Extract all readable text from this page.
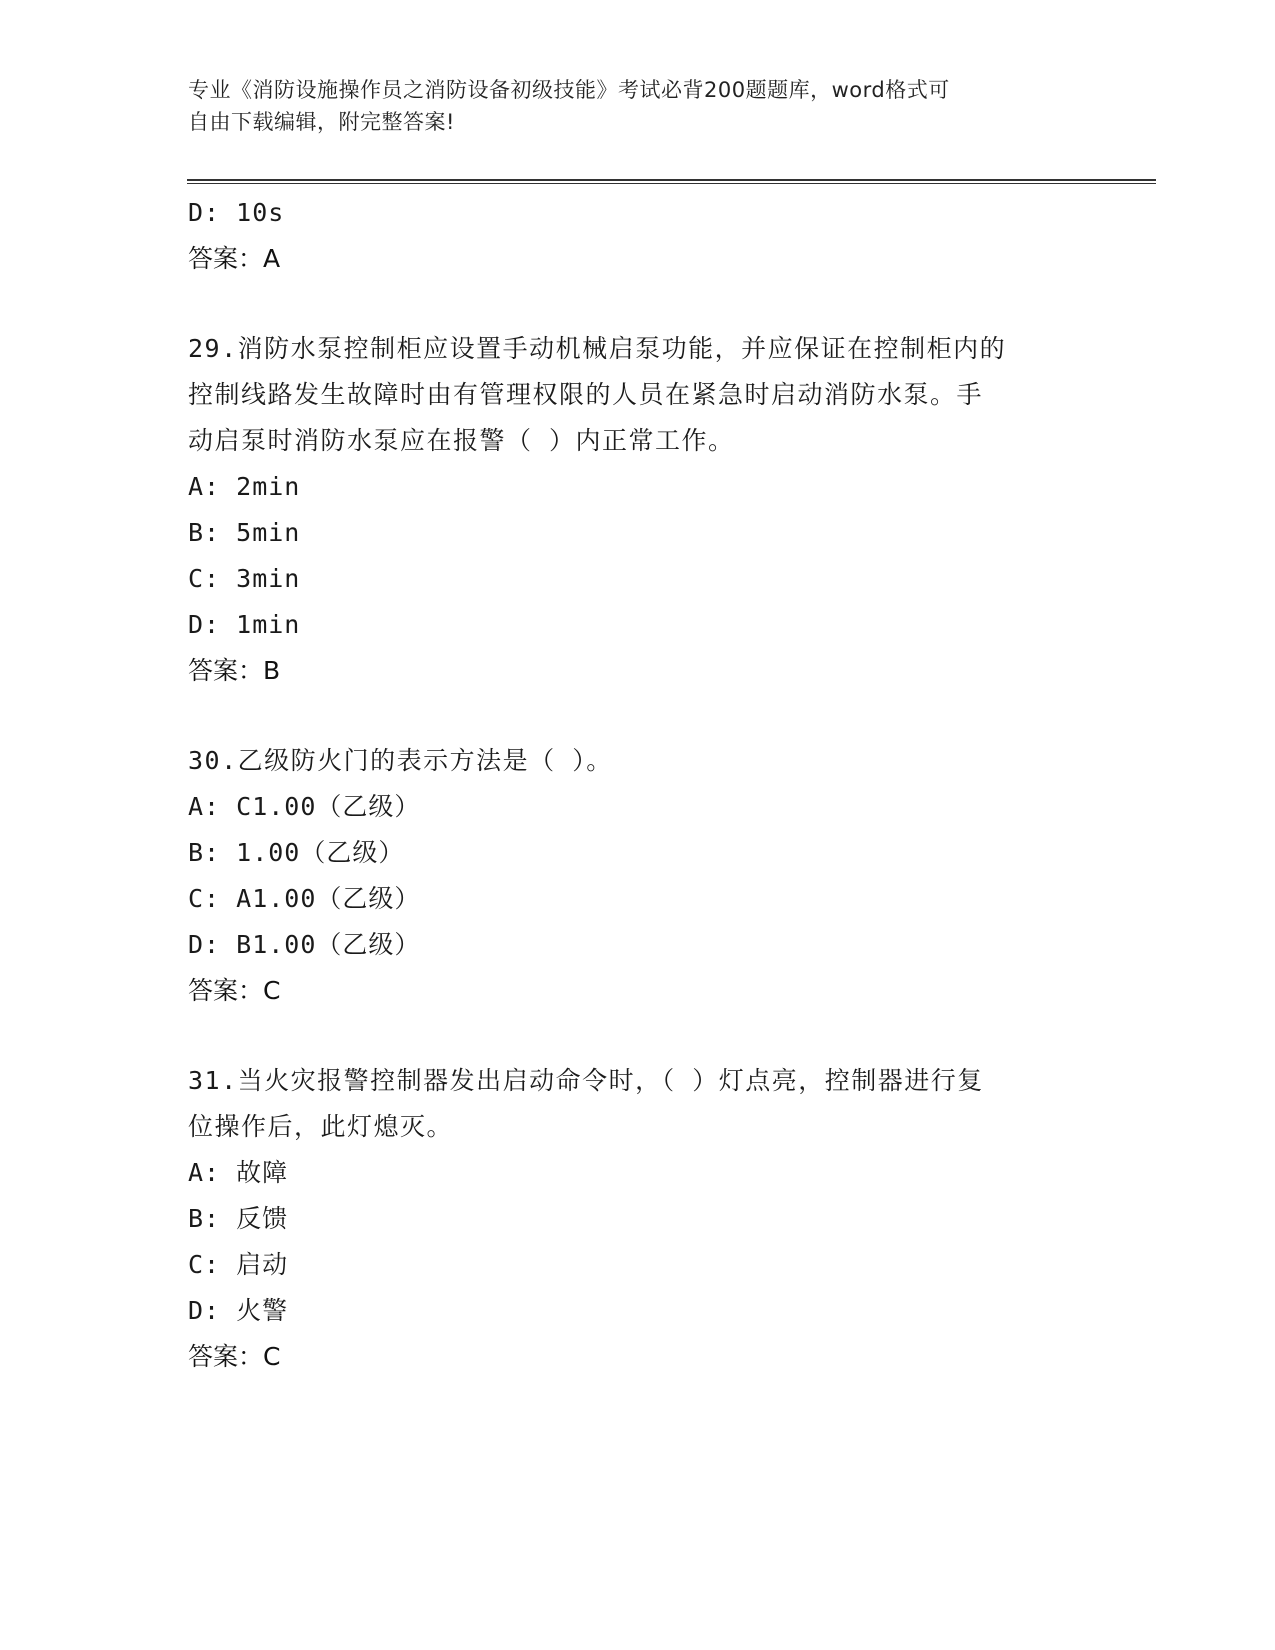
专业《消防设施操作员之消防设备初级技能》考试必背200题题库，word格式可
自由下载编辑，附完整答案!
D: 10s
答案：A
29.消防水泵控制柜应设置手动机械启泵功能，并应保证在控制柜内的
控制线路发生故障时由有管理权限的人员在紧急时启动消防水泵。手
动启泵时消防水泵应在报警（ ）内正常工作。
A: 2min
B: 5min
C: 3min
D: 1min
答案：B
30.乙级防火门的表示方法是（ ）。
A: C1.00（乙级）
B: 1.00（乙级）
C: A1.00（乙级）
D: B1.00（乙级）
答案：C
31.当火灾报警控制器发出启动命令时，（ ）灯点亮，控制器进行复
位操作后，此灯熄灭。
A: 故障
B: 反馈
C: 启动
D: 火警
答案：C
